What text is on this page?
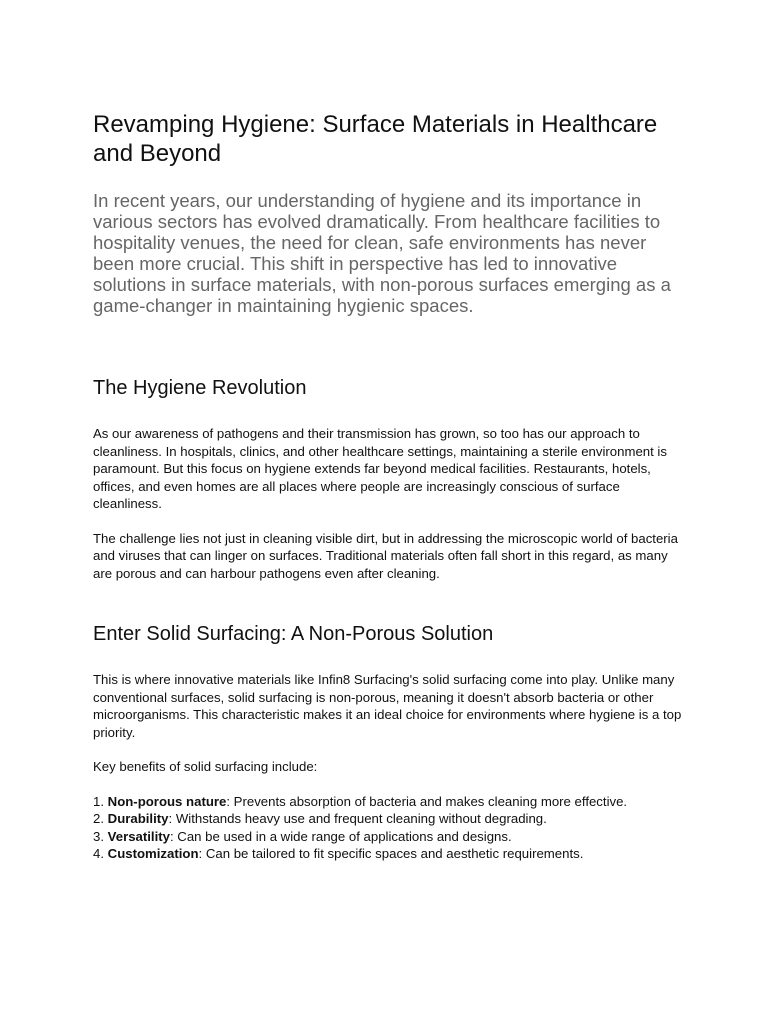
Revamping Hygiene: Surface Materials in Healthcare and Beyond

In recent years, our understanding of hygiene and its importance in various sectors has evolved dramatically. From healthcare facilities to hospitality venues, the need for clean, safe environments has never been more crucial. This shift in perspective has led to innovative solutions in surface materials, with non-porous surfaces emerging as a game-changer in maintaining hygienic spaces.

The Hygiene Revolution

As our awareness of pathogens and their transmission has grown, so too has our approach to cleanliness. In hospitals, clinics, and other healthcare settings, maintaining a sterile environment is paramount. But this focus on hygiene extends far beyond medical facilities. Restaurants, hotels, offices, and even homes are all places where people are increasingly conscious of surface cleanliness.

The challenge lies not just in cleaning visible dirt, but in addressing the microscopic world of bacteria and viruses that can linger on surfaces. Traditional materials often fall short in this regard, as many are porous and can harbour pathogens even after cleaning.

Enter Solid Surfacing: A Non-Porous Solution

This is where innovative materials like Infin8 Surfacing's solid surfacing come into play. Unlike many conventional surfaces, solid surfacing is non-porous, meaning it doesn't absorb bacteria or other microorganisms. This characteristic makes it an ideal choice for environments where hygiene is a top priority.

Key benefits of solid surfacing include:

1. Non-porous nature: Prevents absorption of bacteria and makes cleaning more effective.
2. Durability: Withstands heavy use and frequent cleaning without degrading.
3. Versatility: Can be used in a wide range of applications and designs.
4. Customization: Can be tailored to fit specific spaces and aesthetic requirements.
